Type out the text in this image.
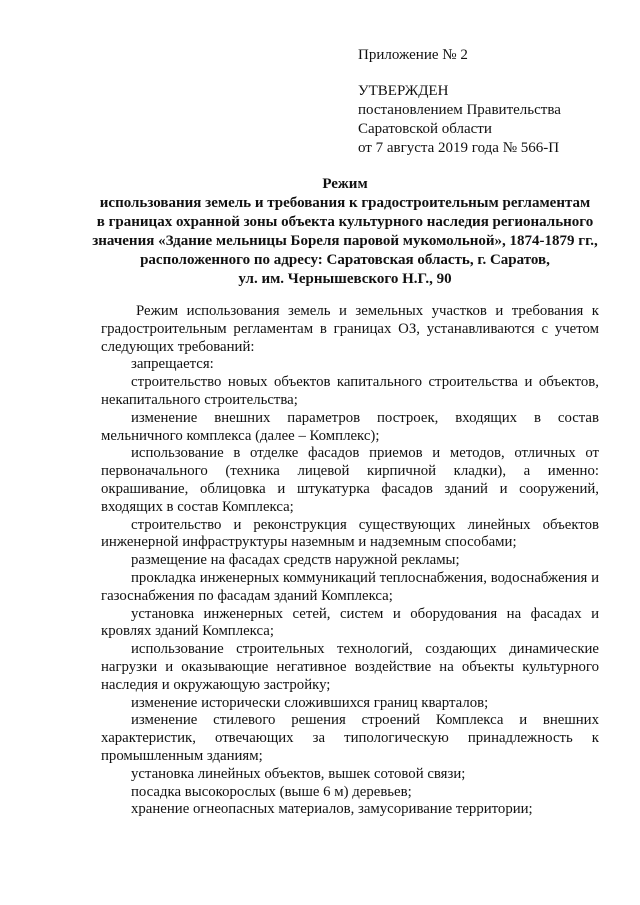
Приложение № 2
УТВЕРЖДЕН
постановлением Правительства
Саратовской области
от 7 августа 2019 года № 566-П
Режим
использования земель и требования к градостроительным регламентам
в границах охранной зоны объекта культурного наследия регионального
значения «Здание мельницы Бореля паровой мукомольной», 1874-1879 гг.,
расположенного по адресу: Саратовская область, г. Саратов,
ул. им. Чернышевского Н.Г., 90

Режим использования земель и земельных участков и требования к градостроительным регламентам в границах ОЗ, устанавливаются с учетом следующих требований:

запрещается:

строительство новых объектов капитального строительства и объектов, некапитального строительства;

изменение внешних параметров построек, входящих в состав мельничного комплекса (далее – Комплекс);

использование в отделке фасадов приемов и методов, отличных от первоначального (техника лицевой кирпичной кладки), а именно: окрашивание, облицовка и штукатурка фасадов зданий и сооружений, входящих в состав Комплекса;

строительство и реконструкция существующих линейных объектов инженерной инфраструктуры наземным и надземным способами;

размещение на фасадах средств наружной рекламы;

прокладка инженерных коммуникаций теплоснабжения, водоснабжения и газоснабжения по фасадам зданий Комплекса;

установка инженерных сетей, систем и оборудования на фасадах и кровлях зданий Комплекса;

использование строительных технологий, создающих динамические нагрузки и оказывающие негативное воздействие на объекты культурного наследия и окружающую застройку;

изменение исторически сложившихся границ кварталов;

изменение стилевого решения строений Комплекса и внешних характеристик, отвечающих за типологическую принадлежность к промышленным зданиям;

установка линейных объектов, вышек сотовой связи;

посадка высокорослых (выше 6 м) деревьев;

хранение огнеопасных материалов, замусоривание территории;
